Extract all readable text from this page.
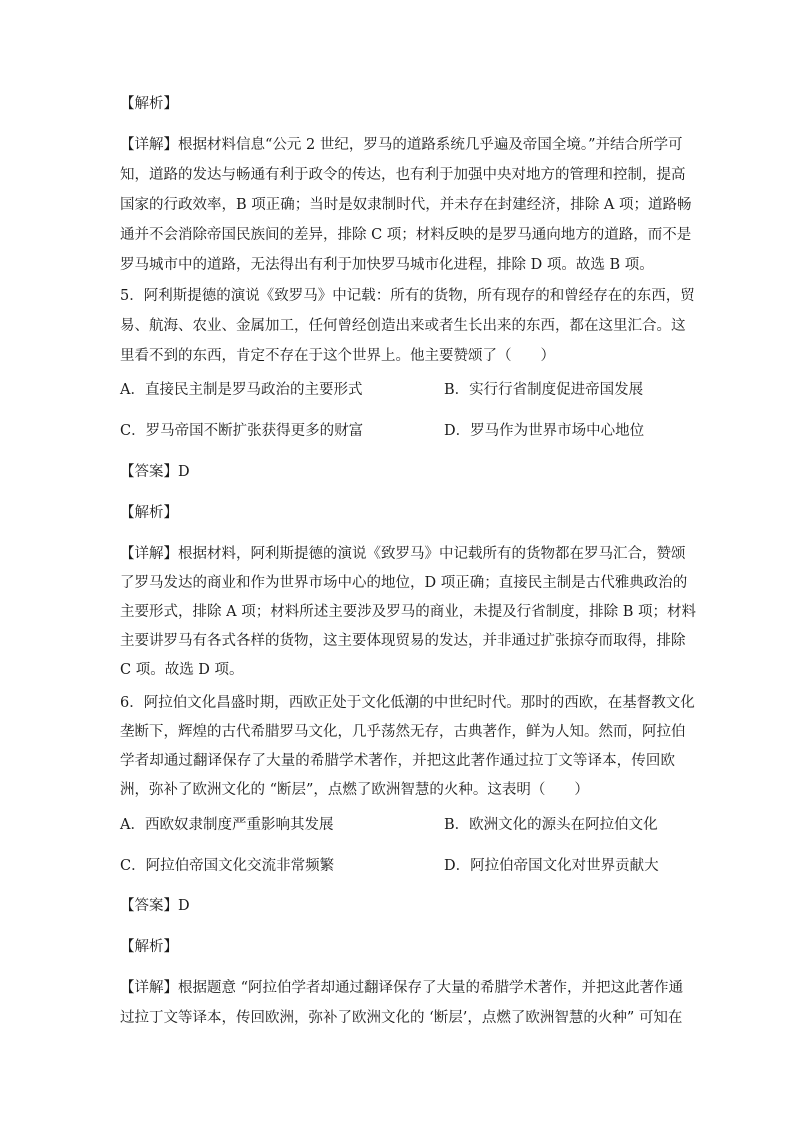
【解析】
【详解】根据材料信息“公元 2 世纪，罗马的道路系统几乎遍及帝国全境。”并结合所学可
知，道路的发达与畅通有利于政令的传达，也有利于加强中央对地方的管理和控制，提高
国家的行政效率，B 项正确；当时是奴隶制时代，并未存在封建经济，排除 A 项；道路畅
通并不会消除帝国民族间的差异，排除 C 项；材料反映的是罗马通向地方的道路，而不是
罗马城市中的道路，无法得出有利于加快罗马城市化进程，排除 D 项。故选 B 项。
5．阿利斯提德的演说《致罗马》中记载：所有的货物，所有现存的和曾经存在的东西，贸
易、航海、农业、金属加工，任何曾经创造出来或者生长出来的东西，都在这里汇合。这
里看不到的东西，肯定不存在于这个世界上。他主要赞颂了（　　）
A．直接民主制是罗马政治的主要形式	B．实行行省制度促进帝国发展
C．罗马帝国不断扩张获得更多的财富	D．罗马作为世界市场中心地位
【答案】D
【解析】
【详解】根据材料，阿利斯提德的演说《致罗马》中记载所有的货物都在罗马汇合，赞颂
了罗马发达的商业和作为世界市场中心的地位，D 项正确；直接民主制是古代雅典政治的
主要形式，排除 A 项；材料所述主要涉及罗马的商业，未提及行省制度，排除 B 项；材料
主要讲罗马有各式各样的货物，这主要体现贸易的发达，并非通过扩张掠夺而取得，排除
C 项。故选 D 项。
6．阿拉伯文化昌盛时期，西欧正处于文化低潮的中世纪时代。那时的西欧，在基督教文化
垄断下，辉煌的古代希腊罗马文化，几乎荡然无存，古典著作，鲜为人知。然而，阿拉伯
学者却通过翻译保存了大量的希腊学术著作，并把这此著作通过拉丁文等译本，传回欧
洲，弥补了欧洲文化的 “断层”，点燃了欧洲智慧的火种。这表明（　　）
A．西欧奴隶制度严重影响其发展	B．欧洲文化的源头在阿拉伯文化
C．阿拉伯帝国文化交流非常频繁	D．阿拉伯帝国文化对世界贡献大
【答案】D
【解析】
【详解】根据题意 “阿拉伯学者却通过翻译保存了大量的希腊学术著作，并把这此著作通
过拉丁文等译本，传回欧洲，弥补了欧洲文化的 ‘断层’，点燃了欧洲智慧的火种” 可知在
